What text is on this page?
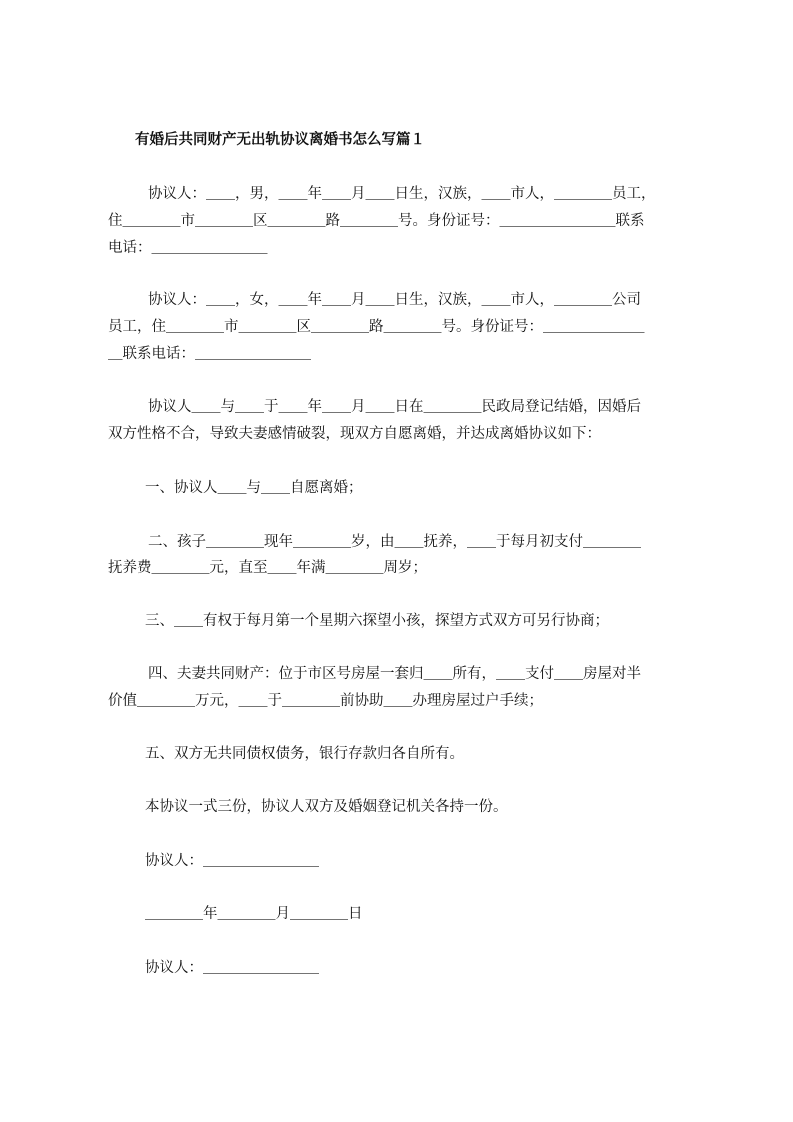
有婚后共同财产无出轨协议离婚书怎么写篇１
协议人：＿＿，男，＿＿年＿＿月＿＿日生，汉族，＿＿市人，＿＿＿＿员工，
住＿＿＿＿市＿＿＿＿区＿＿＿＿路＿＿＿＿号。身份证号：＿＿＿＿＿＿＿＿联系
电话：＿＿＿＿＿＿＿＿
协议人：＿＿，女，＿＿年＿＿月＿＿日生，汉族，＿＿市人，＿＿＿＿公司
员工，住＿＿＿＿市＿＿＿＿区＿＿＿＿路＿＿＿＿号。身份证号：＿＿＿＿＿＿＿
＿联系电话：＿＿＿＿＿＿＿＿
协议人＿＿与＿＿于＿＿年＿＿月＿＿日在＿＿＿＿民政局登记结婚，因婚后
双方性格不合，导致夫妻感情破裂，现双方自愿离婚，并达成离婚协议如下：
一、协议人＿＿与＿＿自愿离婚；
二、孩子＿＿＿＿现年＿＿＿＿岁，由＿＿抚养，＿＿于每月初支付＿＿＿＿
抚养费＿＿＿＿元，直至＿＿年满＿＿＿＿周岁；
三、＿＿有权于每月第一个星期六探望小孩，探望方式双方可另行协商；
四、夫妻共同财产：位于市区号房屋一套归＿＿所有，＿＿支付＿＿房屋对半
价值＿＿＿＿万元，＿＿于＿＿＿＿前协助＿＿办理房屋过户手续；
五、双方无共同债权债务，银行存款归各自所有。
本协议一式三份，协议人双方及婚姻登记机关各持一份。
协议人：＿＿＿＿＿＿＿＿
＿＿＿＿年＿＿＿＿月＿＿＿＿日
协议人：＿＿＿＿＿＿＿＿
